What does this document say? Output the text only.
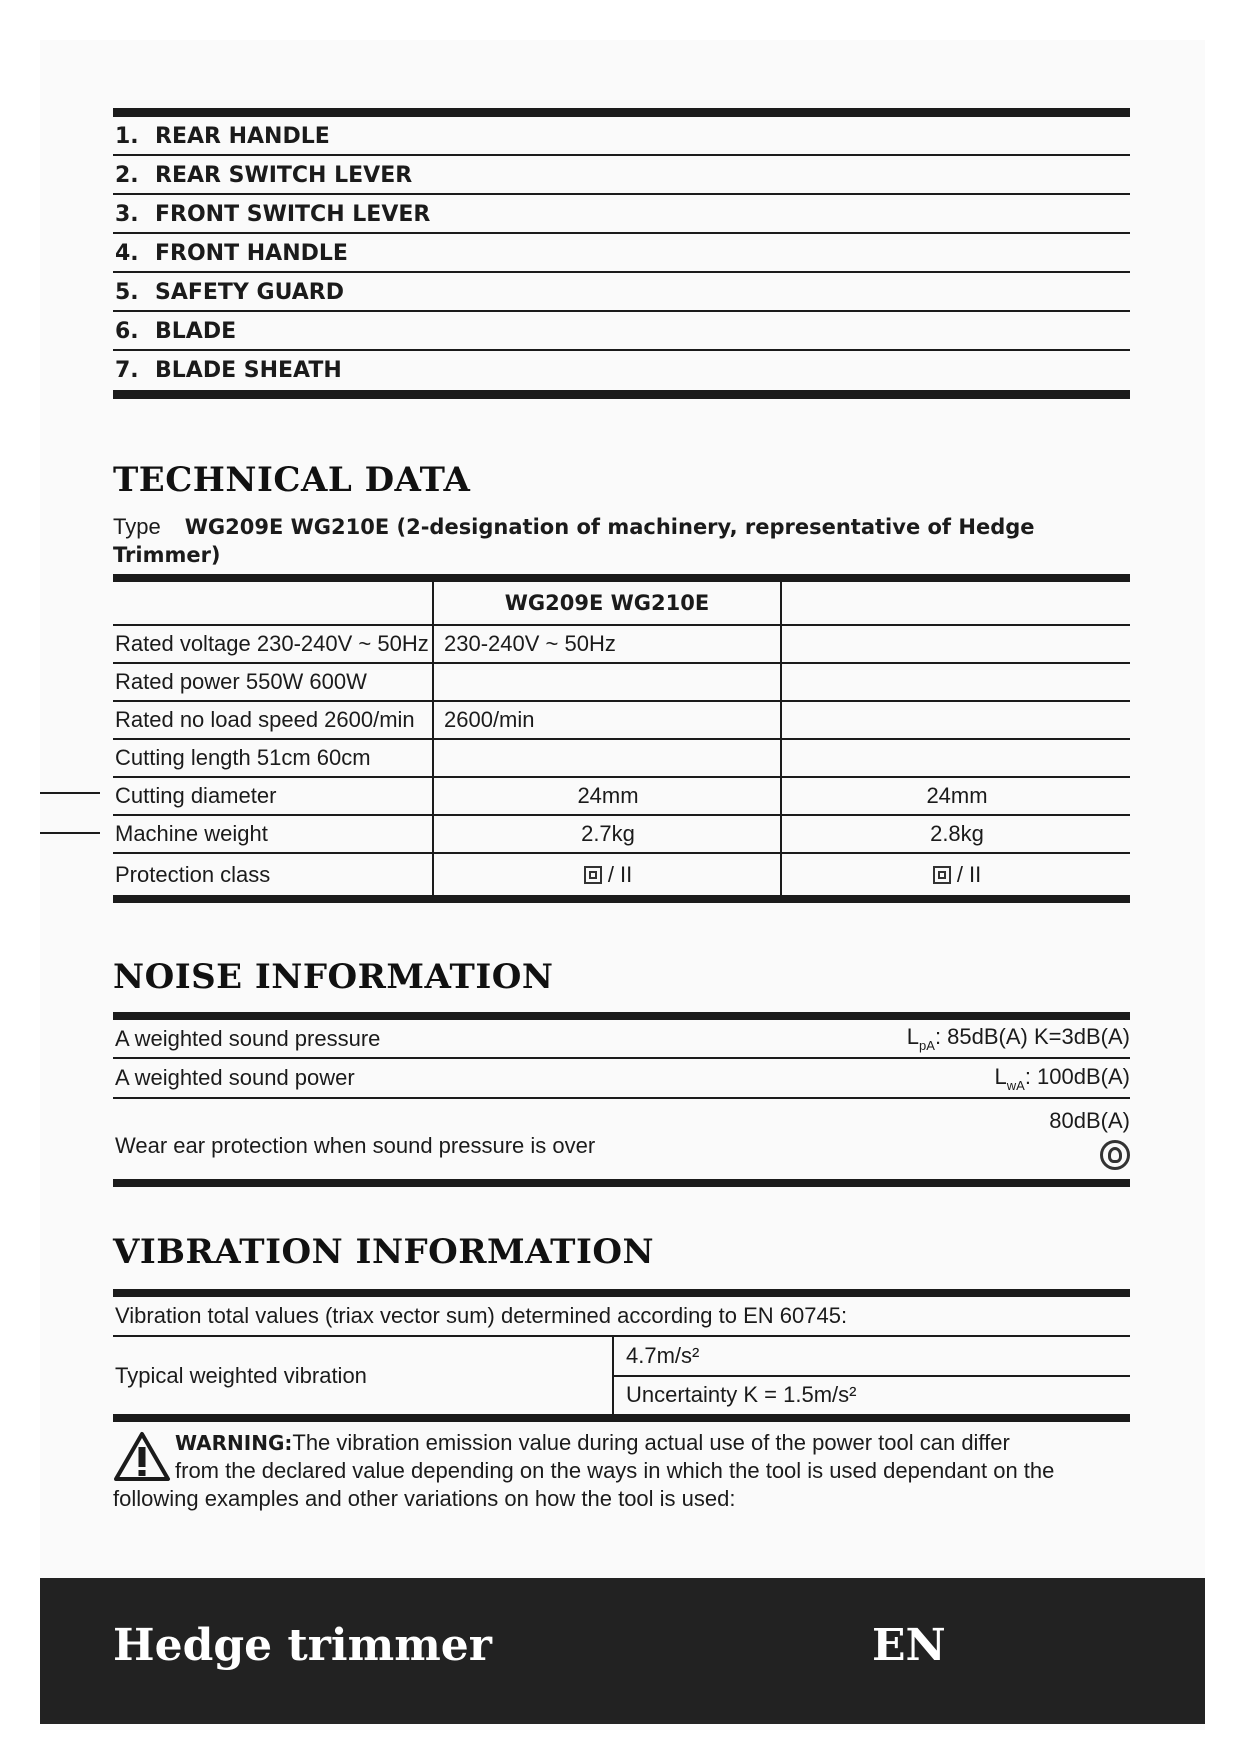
1. REAR HANDLE
2. REAR SWITCH LEVER
3. FRONT SWITCH LEVER
4. FRONT HANDLE
5. SAFETY GUARD
6. BLADE
7. BLADE SHEATH
TECHNICAL DATA
Type WG209E WG210E (2-designation of machinery, representative of Hedge
Trimmer)
	WG209E WG210E	
Rated voltage 230-240V ~ 50Hz	230-240V ~ 50Hz	
Rated power 550W 600W		
Rated no load speed 2600/min	2600/min	
Cutting length 51cm 60cm		
Cutting diameter	24mm	24mm
Machine weight	2.7kg	2.8kg
Protection class	/ II	/ II
NOISE INFORMATION
A weighted sound pressure	$L_{pA}$: 85dB(A) K=3dB(A)
A weighted sound power	$L_{wA}$: 100dB(A)
Wear ear protection when sound pressure is over
80dB(A)
VIBRATION INFORMATION
Vibration total values (triax vector sum) determined according to EN 60745:
Typical weighted vibration
4.7m/s²
Uncertainty K = 1.5m/s²
WARNING:The vibration emission value during actual use of the power tool can differ
from the declared value depending on the ways in which the tool is used dependant on the
following examples and other variations on how the tool is used:
Hedge trimmer	EN
